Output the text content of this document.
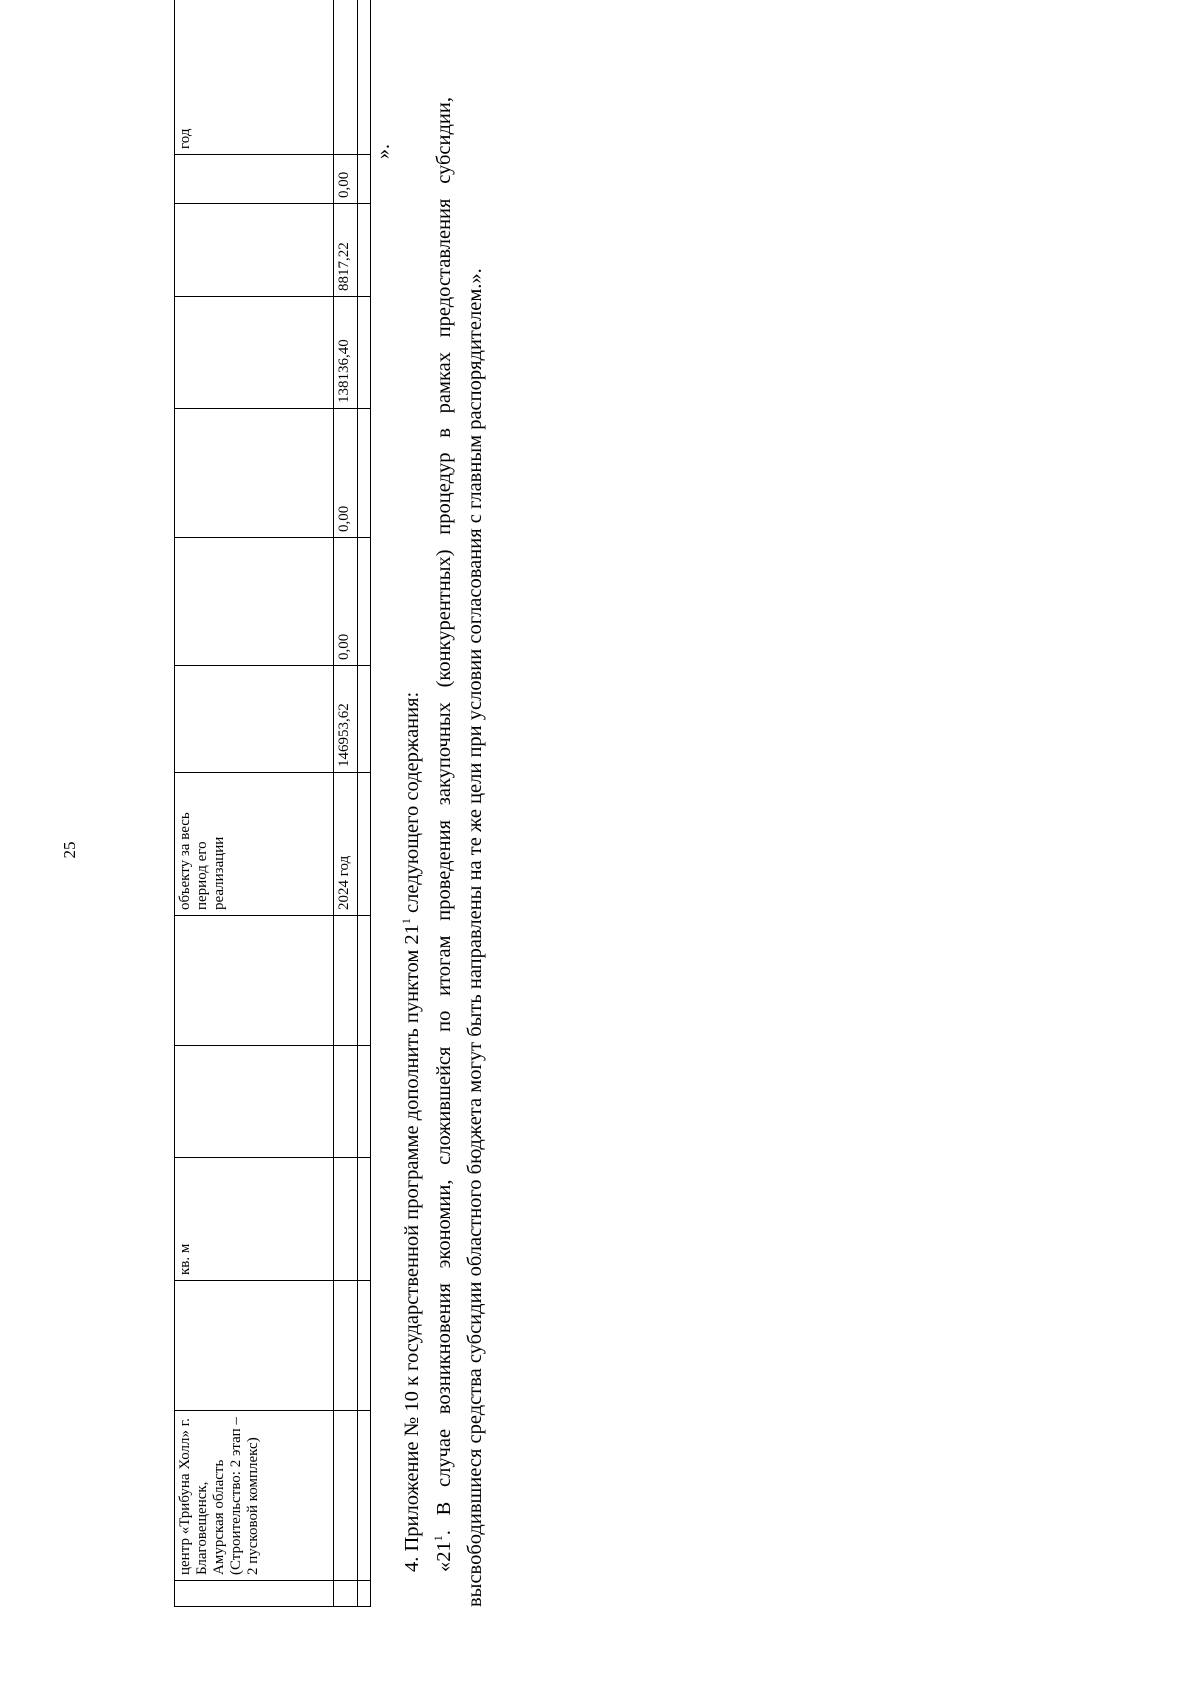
25
	центр «Трибуна Холл» г. Благовещенск, Амурская область (Строительство: 2 этап – 2 пусковой комплекс)		кв. м			объекту за весь период его реализации							год
						2024 год	146953,62	0,00	0,00	138136,40	8817,22	0,00	

».
4. Приложение № 10 к государственной программе дополнить пунктом $21^1$ следующего содержания:
«$21^1$. В случае возникновения экономии, сложившейся по итогам проведения закупочных (конкурентных) процедур в рамках предоставления субсидии, высвободившиеся средства субсидии областного бюджета могут быть направлены на те же цели при условии согласования с главным распорядителем.».
